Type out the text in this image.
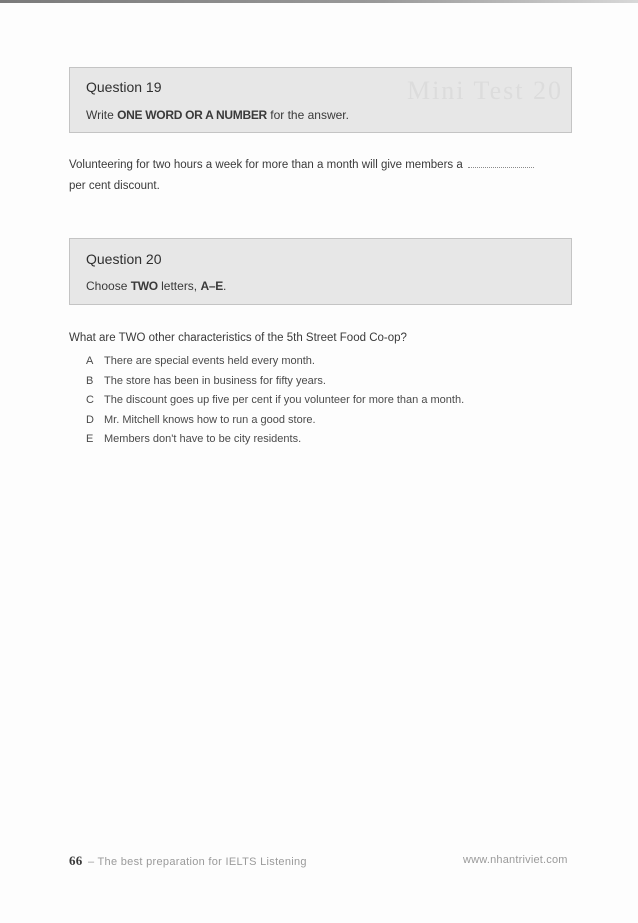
Mini Test 20
Question 19
Write ONE WORD OR A NUMBER for the answer.
Volunteering for two hours a week for more than a month will give members a
per cent discount.
Question 20
Choose TWO letters, A–E.
What are TWO other characteristics of the 5th Street Food Co-op?
A There are special events held every month.
B The store has been in business for fifty years.
C The discount goes up five per cent if you volunteer for more than a month.
D Mr. Mitchell knows how to run a good store.
E Members don't have to be city residents.
66 – The best preparation for IELTS Listening	www.nhantriviet.com
